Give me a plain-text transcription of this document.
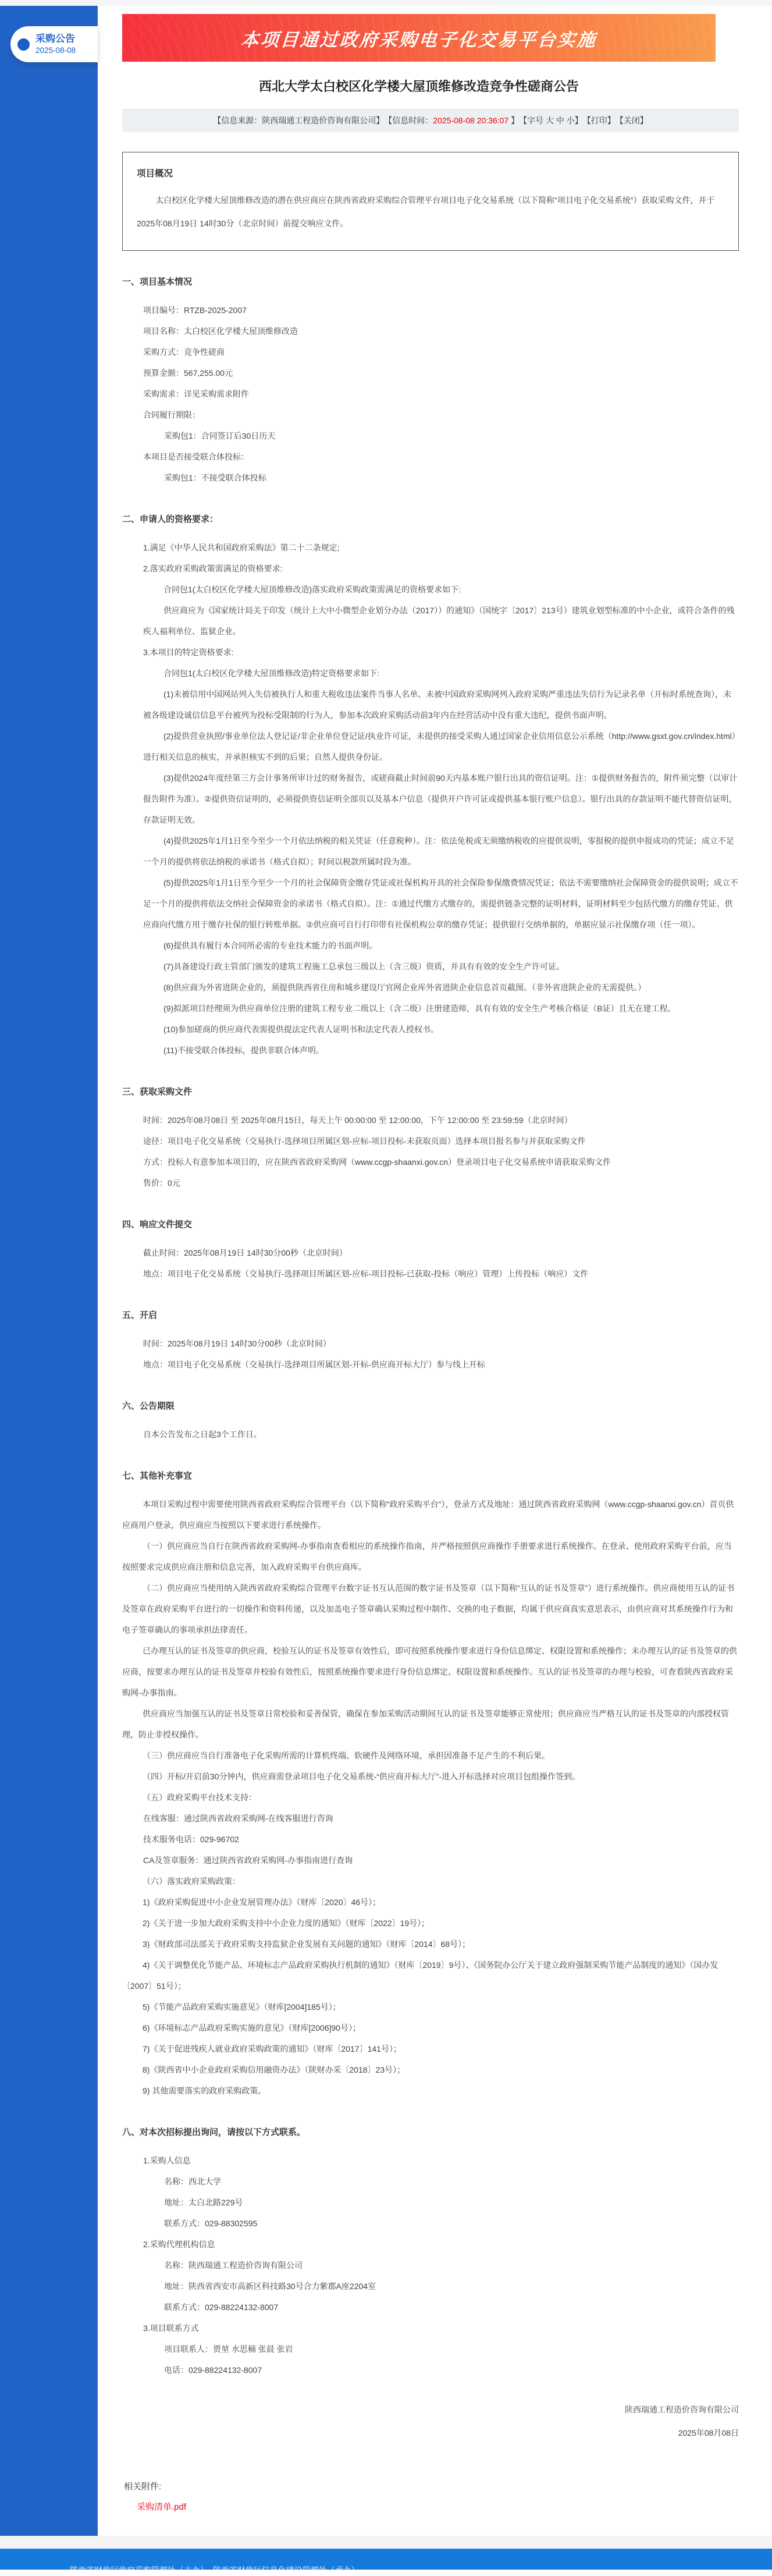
采购公告
2025-08-08
本项目通过政府采购电子化交易平台实施
西北大学太白校区化学楼大屋顶维修改造竞争性磋商公告
【信息来源：陕西瑞通工程造价咨询有限公司】 【信息时间： 2025-08-08 20:36:07 】 【字号 大
中
小 】 【打印】 【关闭】
项目概况

太白校区化学楼大屋顶维修改造的潜在供应商应在陕西省政府采购综合管理平台项目电子化交易系统（以下简称“项目电子化交易系统”）获取采购文件，并于 2025年08月19日 14时30分（北京时间）前提交响应文件。

一、项目基本情况

项目编号：RTZB-2025-2007

项目名称：太白校区化学楼大屋顶维修改造

采购方式：竞争性磋商

预算金额：567,255.00元

采购需求：详见采购需求附件

合同履行期限：

采购包1：合同签订后30日历天

本项目是否接受联合体投标：

采购包1：不接受联合体投标

二、申请人的资格要求：

1.满足《中华人民共和国政府采购法》第二十二条规定;

2.落实政府采购政策需满足的资格要求:

合同包1(太白校区化学楼大屋顶维修改造)落实政府采购政策需满足的资格要求如下:

供应商应为《国家统计局关于印发（统计上大中小微型企业划分办法（2017））的通知》（国统字〔2017〕213号）建筑业划型标准的中小企业，或符合条件的残疾人福利单位、监狱企业。

3.本项目的特定资格要求:

合同包1(太白校区化学楼大屋顶维修改造)特定资格要求如下:

(1)未被信用中国网站列入失信被执行人和重大税收违法案件当事人名单、未被中国政府采购网列入政府采购严重违法失信行为记录名单（开标时系统查询），未被各级建设诚信信息平台被列为投标受限制的行为人，参加本次政府采购活动前3年内在经营活动中没有重大违纪，提供书面声明。

(2)提供营业执照/事业单位法人登记证/非企业单位登记证/执业许可证，未提供的接受采购人通过国家企业信用信息公示系统（http://www.gsxt.gov.cn/index.html）进行相关信息的核实，并承担核实不到的后果；自然人提供身份证。

(3)提供2024年度经第三方会计事务所审计过的财务报告，或磋商截止时间前90天内基本账户银行出具的资信证明。注：①提供财务报告的，附件须完整（以审计报告附件为准）。②提供资信证明的，必须提供资信证明全部页以及基本户信息（提供开户许可证或提供基本银行账户信息）。银行出具的存款证明不能代替资信证明，存款证明无效。

(4)提供2025年1月1日至今至少一个月依法纳税的相关凭证（任意税种）。注：依法免税或无须缴纳税收的应提供说明，零报税的提供申报成功的凭证；成立不足一个月的提供将依法纳税的承诺书（格式自拟）；时间以税款所属时段为准。

(5)提供2025年1月1日至今至少一个月的社会保障资金缴存凭证或社保机构开具的社会保险参保缴费情况凭证；依法不需要缴纳社会保障资金的提供说明；成立不足一个月的提供将依法交纳社会保障资金的承诺书（格式自拟）。注：①通过代缴方式缴存的，需提供链条完整的证明材料，证明材料至少包括代缴方的缴存凭证、供应商向代缴方用于缴存社保的银行转账单据。②供应商可自行打印带有社保机构公章的缴存凭证；提供银行交纳单据的，单据应显示社保缴存项（任一项）。

(6)提供具有履行本合同所必需的专业技术能力的书面声明。

(7)具备建设行政主管部门颁发的建筑工程施工总承包三级以上（含三级）资质，并具有有效的安全生产许可证。

(8)供应商为外省进陕企业的，须提供陕西省住房和城乡建设厅官网企业库外省进陕企业信息首页截图。（非外省进陕企业的无需提供。）

(9)拟派项目经理须为供应商单位注册的建筑工程专业二级以上（含二级）注册建造师，具有有效的安全生产考核合格证（B证）且无在建工程。

(10)参加磋商的供应商代表需提供提法定代表人证明书和法定代表人授权书。

(11)不接受联合体投标，提供非联合体声明。

三、获取采购文件

时间：2025年08月08日 至 2025年08月15日，每天上午 00:00:00 至 12:00:00，下午 12:00:00 至 23:59:59（北京时间）

途径：项目电子化交易系统（交易执行-选择项目所属区划-应标-项目投标-未获取页面）选择本项目报名参与并获取采购文件

方式：投标人有意参加本项目的，应在陕西省政府采购网（www.ccgp-shaanxi.gov.cn）登录项目电子化交易系统申请获取采购文件

售价：0元

四、响应文件提交

截止时间：2025年08月19日 14时30分00秒（北京时间）

地点：项目电子化交易系统（交易执行-选择项目所属区划-应标-项目投标-已获取-投标（响应）管理）上传投标（响应）文件

五、开启

时间：2025年08月19日 14时30分00秒（北京时间）

地点：项目电子化交易系统（交易执行-选择项目所属区划-开标-供应商开标大厅）参与线上开标

六、公告期限

自本公告发布之日起3个工作日。

七、其他补充事宜

本项目采购过程中需要使用陕西省政府采购综合管理平台（以下简称“政府采购平台”），登录方式及地址：通过陕西省政府采购网（www.ccgp-shaanxi.gov.cn）首页供应商用户登录，供应商应当按照以下要求进行系统操作。

（一）供应商应当自行在陕西省政府采购网-办事指南查看相应的系统操作指南，并严格按照供应商操作手册要求进行系统操作。在登录、使用政府采购平台前，应当按照要求完成供应商注册和信息完善，加入政府采购平台供应商库。

（二）供应商应当使用纳入陕西省政府采购综合管理平台数字证书互认范围的数字证书及签章（以下简称“互认的证书及签章”）进行系统操作。供应商使用互认的证书及签章在政府采购平台进行的一切操作和资料传递，以及加盖电子签章确认采购过程中制作、交换的电子数据，均属于供应商真实意思表示，由供应商对其系统操作行为和电子签章确认的事项承担法律责任。

已办理互认的证书及签章的供应商，校验互认的证书及签章有效性后，即可按照系统操作要求进行身份信息绑定、权限设置和系统操作；未办理互认的证书及签章的供应商，按要求办理互认的证书及签章并校验有效性后，按照系统操作要求进行身份信息绑定、权限设置和系统操作。互认的证书及签章的办理与校验，可查看陕西省政府采购网-办事指南。

供应商应当加强互认的证书及签章日常校验和妥善保管，确保在参加采购活动期间互认的证书及签章能够正常使用；供应商应当严格互认的证书及签章的内部授权管理，防止非授权操作。

（三）供应商应当自行准备电子化采购所需的计算机终端、软硬件及网络环境，承担因准备不足产生的不利后果。

（四）开标/开启前30分钟内，供应商需登录项目电子化交易系统-“供应商开标大厅”-进入开标选择对应项目包组操作签到。

（五）政府采购平台技术支持：

在线客服：通过陕西省政府采购网-在线客服进行咨询

技术服务电话：029-96702

CA及签章服务：通过陕西省政府采购网-办事指南进行查询

（六）落实政府采购政策：

1)《政府采购促进中小企业发展管理办法》（财库〔2020〕46号）；

2)《关于进一步加大政府采购支持中小企业力度的通知》（财库〔2022〕19号）；

3)《财政部司法部关于政府采购支持监狱企业发展有关问题的通知》（财库〔2014〕68号）；

4)《关于调整优化节能产品、环境标志产品政府采购执行机制的通知》（财库〔2019〕9号）、《国务院办公厅关于建立政府强制采购节能产品制度的通知》（国办发〔2007〕51号）；

5)《节能产品政府采购实施意见》（财库[2004]185号）；

6)《环境标志产品政府采购实施的意见》（财库[2006]90号）；

7)《关于促进残疾人就业政府采购政策的通知》（财库〔2017〕141号）；

8)《陕西省中小企业政府采购信用融资办法》（陕财办采〔2018〕23号）；

9) 其他需要落实的政府采购政策。

八、对本次招标提出询问，请按以下方式联系。

1.采购人信息

名称：西北大学

地址：太白北路229号

联系方式：029-88302595

2.采购代理机构信息

名称：陕西瑞通工程造价咨询有限公司

地址：陕西省西安市高新区科技路30号合力紫郡A座2204室

联系方式：029-88224132-8007

3.项目联系方式

项目联系人：贾堃 水思楠 张晨 张岩

电话：029-88224132-8007

陕西瑞通工程造价咨询有限公司
2025年08月08日
相关附件:
采购清单.pdf
陕西省财政厅政府采购管理处（主办）  陕西省财政厅信息化建设管理处（承办）
